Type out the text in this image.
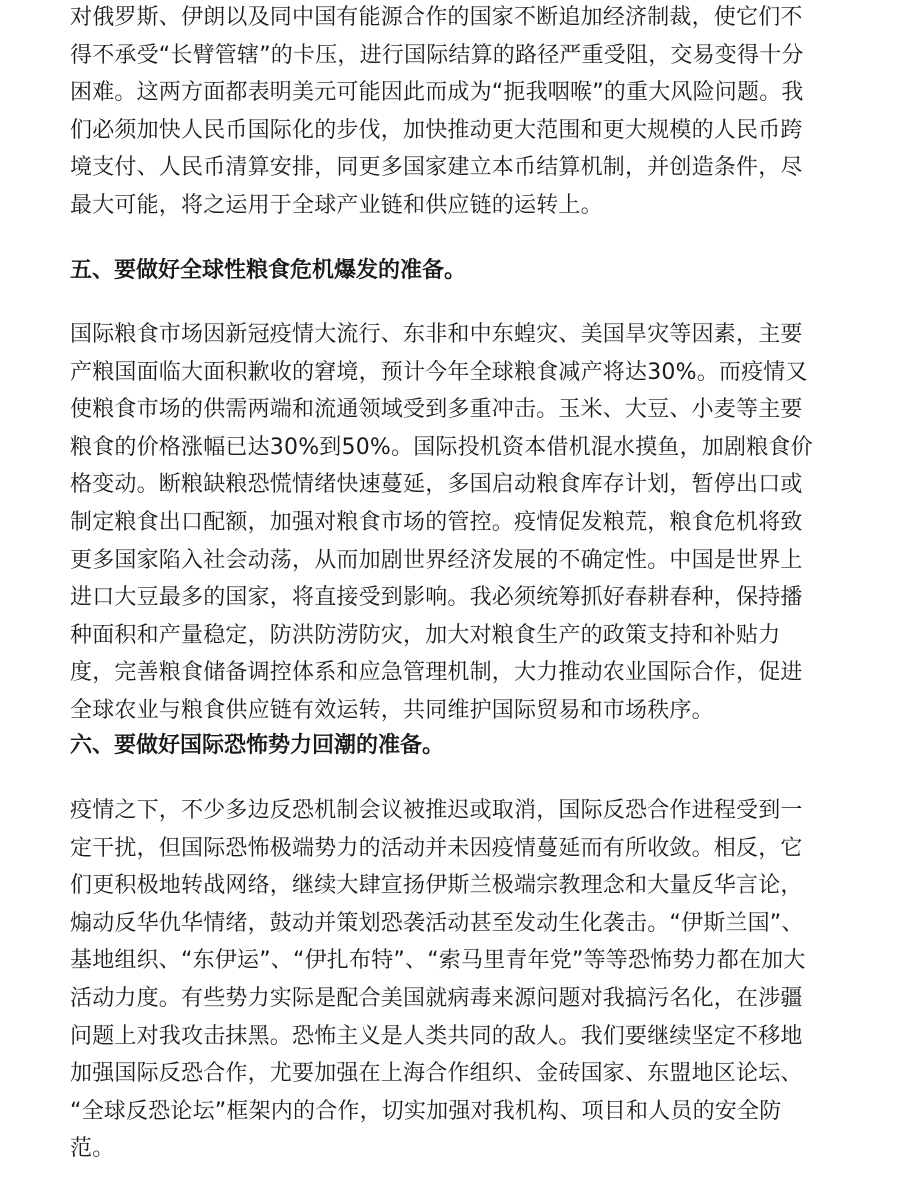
对俄罗斯、伊朗以及同中国有能源合作的国家不断追加经济制裁，使它们不
得不承受“长臂管辖”的卡压，进行国际结算的路径严重受阻，交易变得十分
困难。这两方面都表明美元可能因此而成为“扼我咽喉”的重大风险问题。我
们必须加快人民币国际化的步伐，加快推动更大范围和更大规模的人民币跨
境支付、人民币清算安排，同更多国家建立本币结算机制，并创造条件，尽
最大可能，将之运用于全球产业链和供应链的运转上。
五、要做好全球性粮食危机爆发的准备。
国际粮食市场因新冠疫情大流行、东非和中东蝗灾、美国旱灾等因素，主要
产粮国面临大面积歉收的窘境，预计今年全球粮食减产将达30%。而疫情又
使粮食市场的供需两端和流通领域受到多重冲击。玉米、大豆、小麦等主要
粮食的价格涨幅已达30%到50%。国际投机资本借机混水摸鱼，加剧粮食价
格变动。断粮缺粮恐慌情绪快速蔓延，多国启动粮食库存计划，暂停出口或
制定粮食出口配额，加强对粮食市场的管控。疫情促发粮荒，粮食危机将致
更多国家陷入社会动荡，从而加剧世界经济发展的不确定性。中国是世界上
进口大豆最多的国家，将直接受到影响。我必须统筹抓好春耕春种，保持播
种面积和产量稳定，防洪防涝防灾，加大对粮食生产的政策支持和补贴力
度，完善粮食储备调控体系和应急管理机制，大力推动农业国际合作，促进
全球农业与粮食供应链有效运转，共同维护国际贸易和市场秩序。
六、要做好国际恐怖势力回潮的准备。
疫情之下，不少多边反恐机制会议被推迟或取消，国际反恐合作进程受到一
定干扰，但国际恐怖极端势力的活动并未因疫情蔓延而有所收敛。相反，它
们更积极地转战网络，继续大肆宣扬伊斯兰极端宗教理念和大量反华言论，
煽动反华仇华情绪，鼓动并策划恐袭活动甚至发动生化袭击。“伊斯兰国”、
基地组织、“东伊运”、“伊扎布特”、“索马里青年党”等等恐怖势力都在加大
活动力度。有些势力实际是配合美国就病毒来源问题对我搞污名化，在涉疆
问题上对我攻击抹黑。恐怖主义是人类共同的敌人。我们要继续坚定不移地
加强国际反恐合作，尤要加强在上海合作组织、金砖国家、东盟地区论坛、
“全球反恐论坛”框架内的合作，切实加强对我机构、项目和人员的安全防
范。
